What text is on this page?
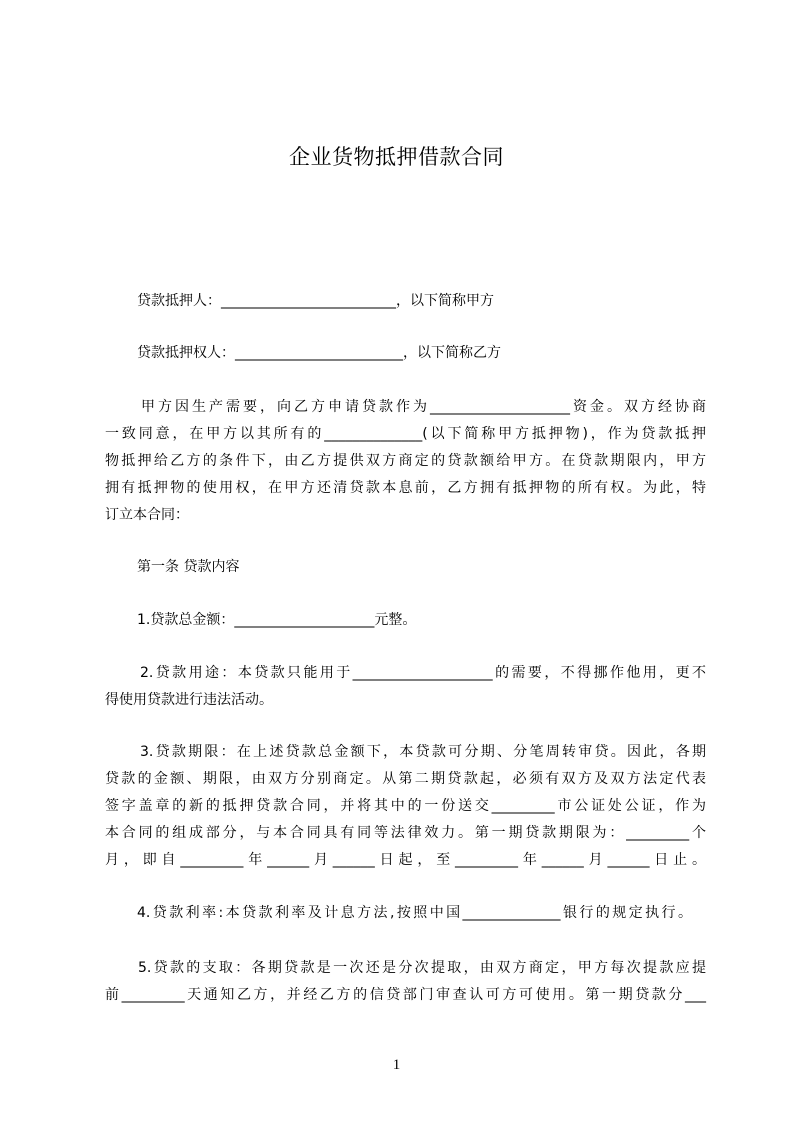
企业货物抵押借款合同
贷款抵押人：_________________________，以下简称甲方
贷款抵押权人：________________________，以下简称乙方
甲方因生产需要，向乙方申请贷款作为____________________资金。双方经协商
一致同意，在甲方以其所有的______________(以下简称甲方抵押物)，作为贷款抵押
物抵押给乙方的条件下，由乙方提供双方商定的贷款额给甲方。在贷款期限内，甲方
拥有抵押物的使用权，在甲方还清贷款本息前，乙方拥有抵押物的所有权。为此，特
订立本合同：
第一条 贷款内容
1.贷款总金额：____________________元整。
2.贷款用途：本贷款只能用于____________________的需要，不得挪作他用，更不
得使用贷款进行违法活动。
3.贷款期限：在上述贷款总金额下，本贷款可分期、分笔周转审贷。因此，各期
贷款的金额、期限，由双方分别商定。从第二期贷款起，必须有双方及双方法定代表
签字盖章的新的抵押贷款合同，并将其中的一份送交_________市公证处公证，作为
本合同的组成部分，与本合同具有同等法律效力。第一期贷款期限为：_________个
月，即自_________年______月______日起，至_________年______月______日止。
4.贷款利率:本贷款利率及计息方法,按照中国______________银行的规定执行。
5.贷款的支取：各期贷款是一次还是分次提取，由双方商定，甲方每次提款应提
前_________天通知乙方，并经乙方的信贷部门审查认可方可使用。第一期贷款分___
1
